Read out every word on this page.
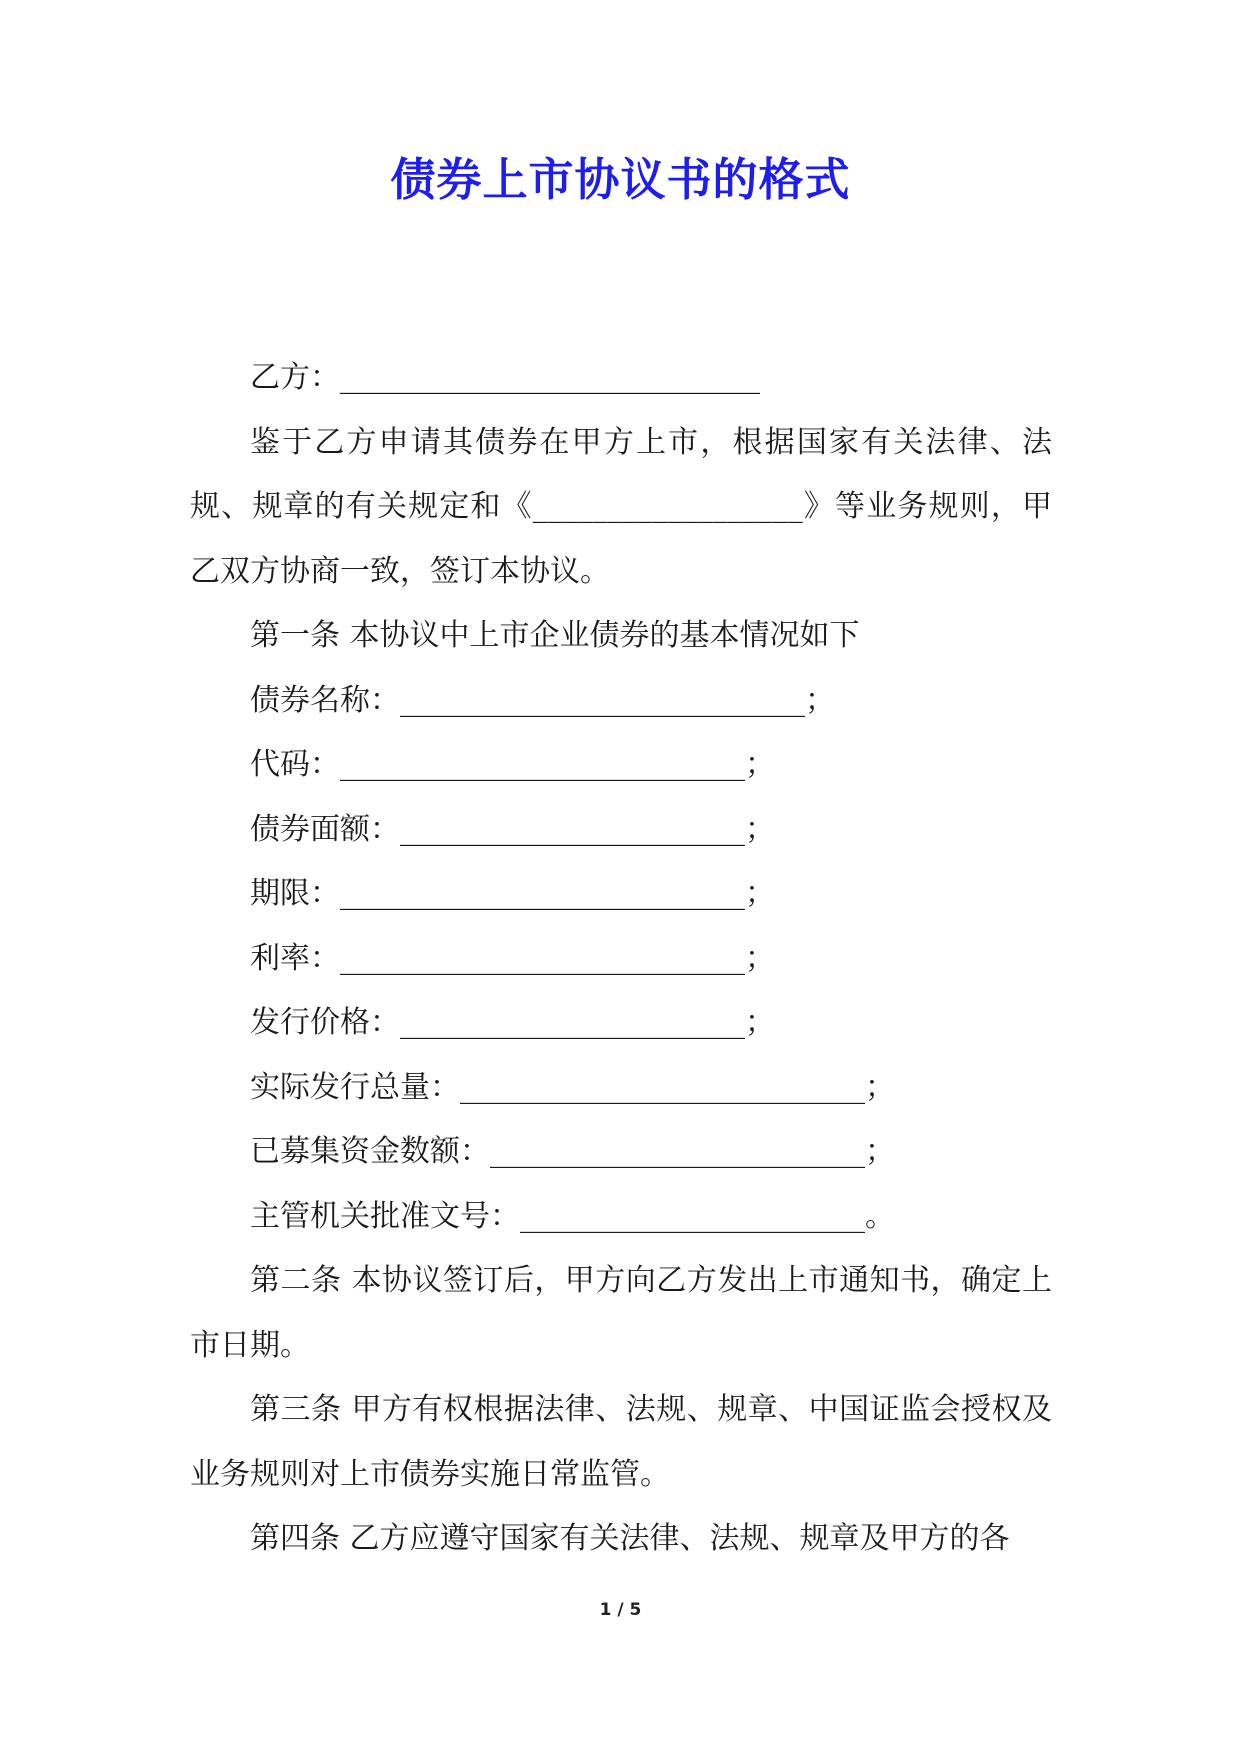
债券上市协议书的格式

乙方：____________________________

鉴于乙方申请其债券在甲方上市，根据国家有关法律、法规、规章的有关规定和《__________________》等业务规则，甲乙双方协商一致，签订本协议。

第一条 本协议中上市企业债券的基本情况如下

债券名称：___________________________；

代码：___________________________；

债券面额：_______________________；

期限：___________________________；

利率：___________________________；

发行价格：_______________________；

实际发行总量：___________________________；

已募集资金数额：_________________________；

主管机关批准文号：_______________________。

第二条 本协议签订后，甲方向乙方发出上市通知书，确定上市日期。

第三条 甲方有权根据法律、法规、规章、中国证监会授权及业务规则对上市债券实施日常监管。

第四条 乙方应遵守国家有关法律、法规、规章及甲方的各

1 / 5
